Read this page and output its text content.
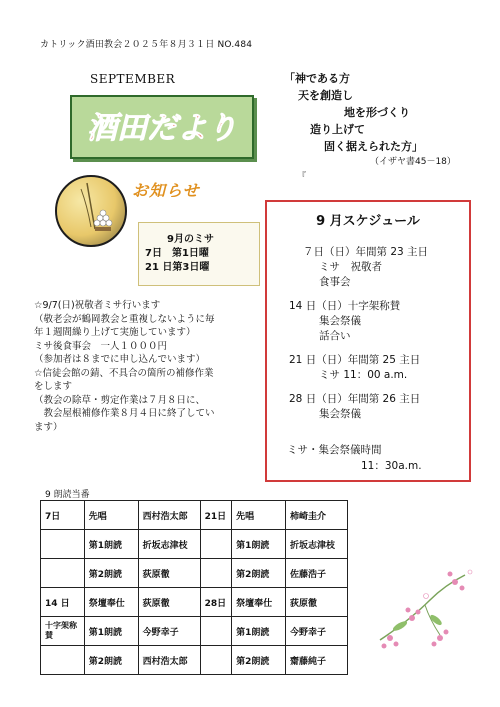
カトリック酒田教会２０２５年８月３１日 NO.484
SEPTEMBER
酒田だより
「神である方
天を創造し
地を形づくり
造り上げて
固く据えられた方」
（イザヤ書45－18）
『
お知らせ
9月のミサ
7日　第1日曜
21 日第3日曜
☆9/7(日)祝敬者ミサ行います
（敬老会が鶴岡教会と重複しないように毎
年１週間繰り上げて実施しています）
ミサ後食事会　一人１０００円
（参加者は８までに申し込んでいます）
☆信徒会館の錆、不具合の箇所の補修作業
をします
（教会の除草・剪定作業は７月８日に、
　教会屋根補修作業８月４日に終了してい
ます）
9 月スケジュール
７日（日）年間第 23 主日
ミサ　祝敬者
食事会
14 日（日）十字架称賛
集会祭儀
話合い
21 日（日）年間第 25 主日
ミサ 11：00 a.m.
28 日（日）年間第 26 主日
集会祭儀
ミサ・集会祭儀時間
11：30a.m.
9 朗読当番
7日	先唱	西村浩太郎	21日	先唱	柿崎圭介
	第1朗読	折坂志津枝		第1朗読	折坂志津枝
	第2朗読	荻原徹		第2朗読	佐藤浩子
14 日	祭壇奉仕	荻原徹	28日	祭壇奉仕	荻原徹
十字架称賛	第1朗読	今野幸子		第1朗読	今野幸子
	第2朗読	西村浩太郎		第2朗読	齋藤純子
